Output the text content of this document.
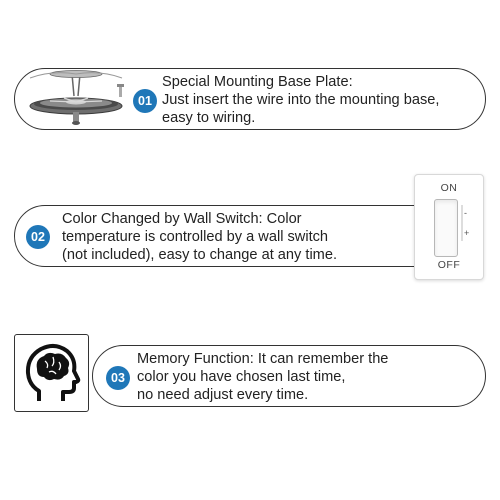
01
Special Mounting Base Plate:
Just insert the wire into the mounting base,
easy to wiring.
02
Color Changed by Wall Switch: Color
temperature is controlled by a wall switch
(not included), easy to change at any time.
ON
-
+
OFF
03
Memory Function: It can remember the
color you have chosen last time,
no need adjust every time.
